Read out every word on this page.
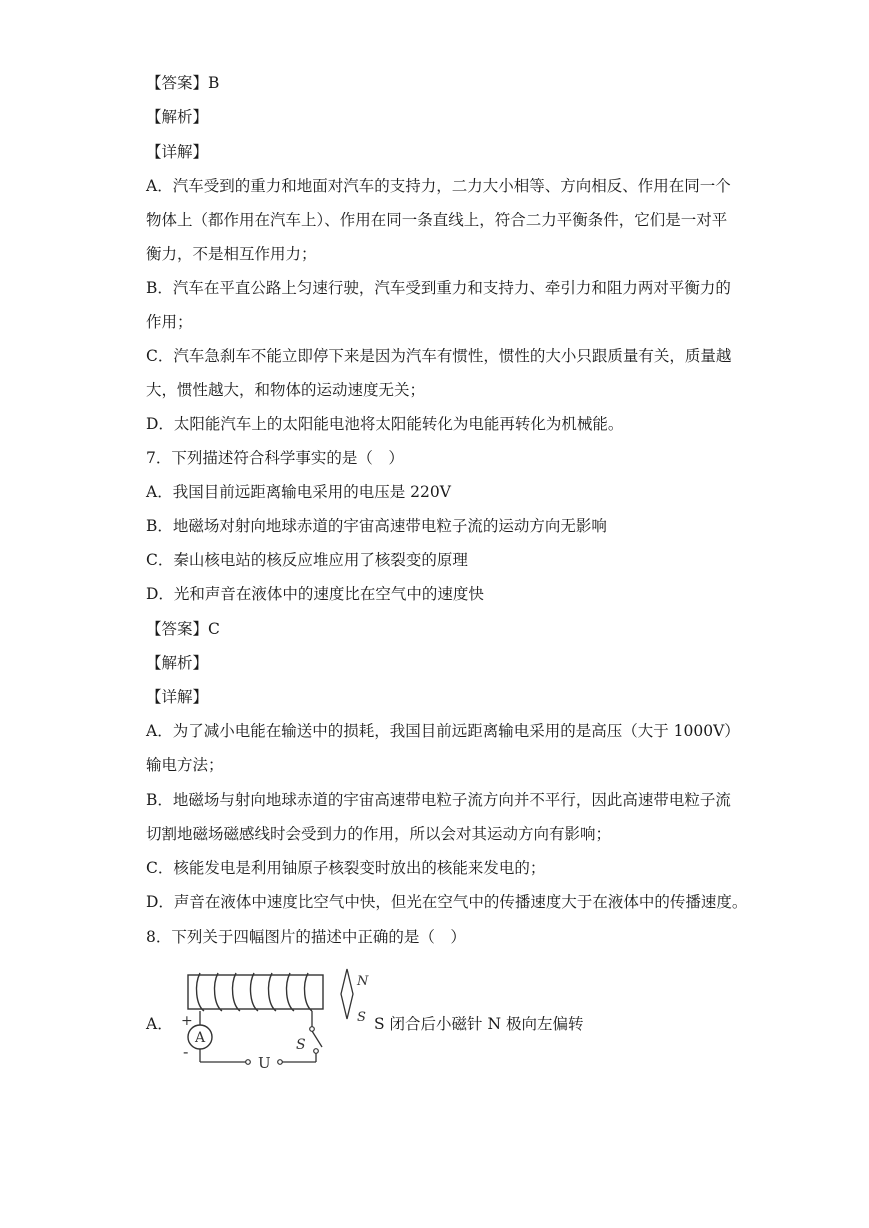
【答案】B
【解析】
【详解】
A．汽车受到的重力和地面对汽车的支持力，二力大小相等、方向相反、作用在同一个
物体上（都作用在汽车上）、作用在同一条直线上，符合二力平衡条件，它们是一对平
衡力，不是相互作用力；
B．汽车在平直公路上匀速行驶，汽车受到重力和支持力、牵引力和阻力两对平衡力的
作用；
C．汽车急刹车不能立即停下来是因为汽车有惯性，惯性的大小只跟质量有关，质量越
大，惯性越大，和物体的运动速度无关；
D．太阳能汽车上的太阳能电池将太阳能转化为电能再转化为机械能。
7．下列描述符合科学事实的是（　）
A．我国目前远距离输电采用的电压是 220V
B．地磁场对射向地球赤道的宇宙高速带电粒子流的运动方向无影响
C．秦山核电站的核反应堆应用了核裂变的原理
D．光和声音在液体中的速度比在空气中的速度快
【答案】C
【解析】
【详解】
A．为了减小电能在输送中的损耗，我国目前远距离输电采用的是高压（大于 1000V）
输电方法；
B．地磁场与射向地球赤道的宇宙高速带电粒子流方向并不平行，因此高速带电粒子流
切割地磁场磁感线时会受到力的作用，所以会对其运动方向有影响；
C．核能发电是利用铀原子核裂变时放出的核能来发电的；
D．声音在液体中速度比空气中快，但光在空气中的传播速度大于在液体中的传播速度。
8．下列关于四幅图片的描述中正确的是（　）
A．
A
+
-	S
U
N
S S 闭合后小磁针 N 极向左偏转
